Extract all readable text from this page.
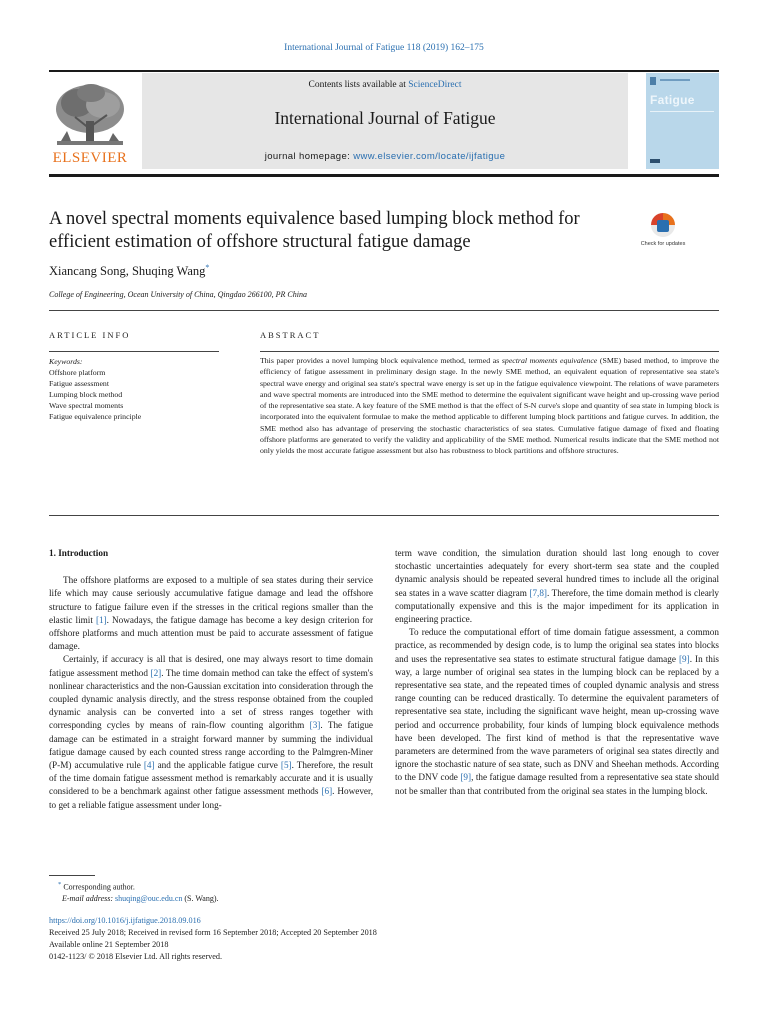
International Journal of Fatigue 118 (2019) 162–175
ELSEVIER
Contents lists available at ScienceDirect
International Journal of Fatigue
journal homepage: www.elsevier.com/locate/ijfatigue
Fatigue
A novel spectral moments equivalence based lumping block method for efficient estimation of offshore structural fatigue damage	Check for updates
Xiancang Song, Shuqing Wang*
College of Engineering, Ocean University of China, Qingdao 266100, PR China
ARTICLE INFO	ABSTRACT
Keywords:
Offshore platform
Fatigue assessment
Lumping block method
Wave spectral moments
Fatigue equivalence principle
This paper provides a novel lumping block equivalence method, termed as spectral moments equivalence (SME) based method, to improve the efficiency of fatigue assessment in preliminary design stage. In the newly SME method, an equivalent equation of representative sea state's spectral wave energy and original sea state's spectral wave energy is set up in the fatigue equivalence viewpoint. The relations of wave parameters and wave spectral moments are introduced into the SME method to determine the equivalent significant wave height and up-crossing wave period of the representative sea state. A key feature of the SME method is that the effect of S-N curve's slope and quantity of sea state in lumping block is incorporated into the equivalent formulae to make the method applicable to different lumping block partitions and fatigue curves. In addition, the SME method also has advantage of preserving the stochastic characteristics of sea states. Cumulative fatigue damage of fixed and floating offshore platforms are generated to verify the validity and applicability of the SME method. Numerical results indicate that the SME method not only yields the most accurate fatigue assessment but also has robustness to block partitions and offshore structures.
1. Introduction

The offshore platforms are exposed to a multiple of sea states during their service life which may cause seriously accumulative fatigue damage and lead the offshore structure to fatigue failure even if the stresses in the critical regions smaller than the elastic limit [1]. Nowadays, the fatigue damage has become a key design criterion for offshore platforms and much attention must be paid to accurate assessment of fatigue damage.

Certainly, if accuracy is all that is desired, one may always resort to time domain fatigue assessment method [2]. The time domain method can take the effect of system's nonlinear characteristics and the non-Gaussian excitation into consideration through the coupled dynamic analysis directly, and the stress response obtained from the coupled dynamic analysis can be converted into a set of stress ranges together with corresponding cycles by means of rain-flow counting algorithm [3]. The fatigue damage can be estimated in a straight forward manner by summing the individual fatigue damage caused by each counted stress range according to the Palmgren-Miner (P-M) accumulative rule [4] and the applicable fatigue curve [5]. Therefore, the result of the time domain fatigue assessment method is remarkably accurate and it is usually considered to be a benchmark against other fatigue assessment methods [6]. However, to get a reliable fatigue assessment under long-

term wave condition, the simulation duration should last long enough to cover stochastic uncertainties adequately for every short-term sea state and the coupled dynamic analysis should be repeated several hundred times to include all the original sea states in a wave scatter diagram [7,8]. Therefore, the time domain method is clearly computationally expensive and this is the major impediment for its application in engineering practice.

To reduce the computational effort of time domain fatigue assessment, a common practice, as recommended by design code, is to lump the original sea states into blocks and uses the representative sea states to estimate structural fatigue damage [9]. In this way, a large number of original sea states in the lumping block can be replaced by a representative sea state, and the repeated times of coupled dynamic analysis and stress range counting can be reduced drastically. To determine the equivalent parameters of representative sea state, including the significant wave height, mean up-crossing wave period and occurrence probability, four kinds of lumping block equivalence methods have been developed. The first kind of method is that the representative wave parameters are determined from the wave parameters of original sea states directly and ignore the stochastic nature of sea state, such as DNV and Sheehan methods. According to the DNV code [9], the fatigue damage resulted from a representative sea state should not be smaller than that contributed from the original sea states in the lumping block.

* Corresponding author.
E-mail address: shuqing@ouc.edu.cn (S. Wang).
https://doi.org/10.1016/j.ijfatigue.2018.09.016
Received 25 July 2018; Received in revised form 16 September 2018; Accepted 20 September 2018
Available online 21 September 2018
0142-1123/ © 2018 Elsevier Ltd. All rights reserved.
